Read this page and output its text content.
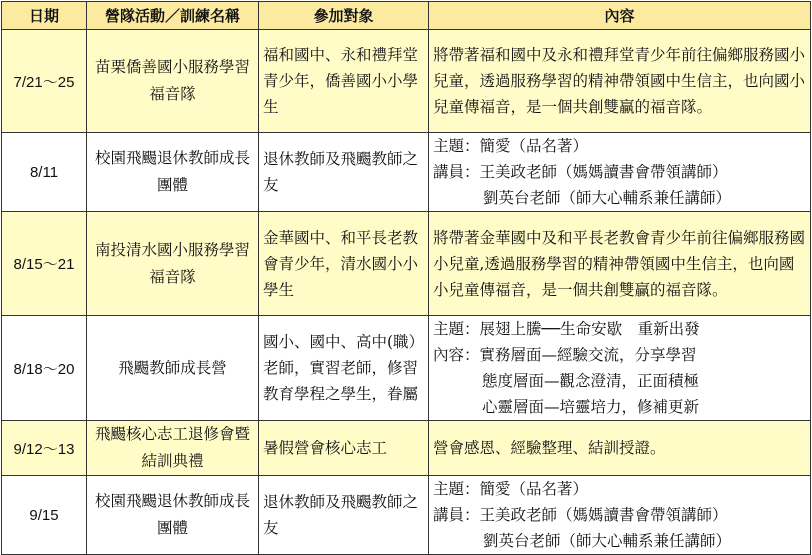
日期	營隊活動／訓練名稱	參加對象	內容
7/21～25	苗栗僑善國小服務學習福音隊	福和國中、永和禮拜堂青少年，僑善國小小學生	將帶著福和國中及永和禮拜堂青少年前往偏鄉服務國小兒童，透過服務學習的精神帶領國中生信主，也向國小兒童傳福音，是一個共創雙贏的福音隊。
8/11	校園飛颺退休教師成長團體	退休教師及飛颺教師之友	主題：簡愛（品名著）
講員：王美政老師（媽媽讀書會帶領講師）
劉英台老師（師大心輔系兼任講師）

8/15～21	南投清水國小服務學習福音隊	金華國中、和平長老教會青少年，清水國小小學生	將帶著金華國中及和平長老教會青少年前往偏鄉服務國小兒童,透過服務學習的精神帶領國中生信主，也向國小兒童傳福音，是一個共創雙贏的福音隊。
8/18～20	飛颺教師成長營	國小、國中、高中(職）老師，實習老師，修習教育學程之學生，眷屬	主題：展翅上騰──生命安歇　重新出發
內容：實務層面—經驗交流，分享學習
態度層面—觀念澄清，正面積極
心靈層面—培靈培力，修補更新

9/12～13	飛颺核心志工退修會暨結訓典禮	暑假營會核心志工	營會感恩、經驗整理、結訓授證。
9/15	校園飛颺退休教師成長團體	退休教師及飛颺教師之友	主題：簡愛（品名著）
講員：王美政老師（媽媽讀書會帶領講師）
劉英台老師（師大心輔系兼任講師）
